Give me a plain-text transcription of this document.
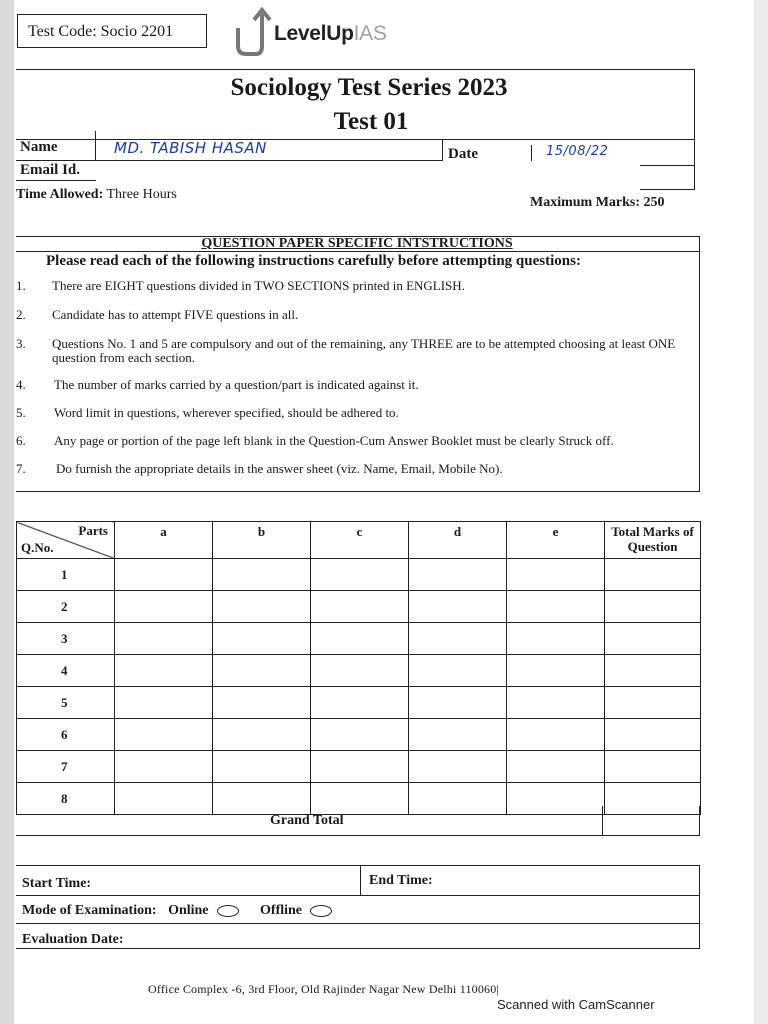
Test Code: Socio 2201	LevelUpIAS
Sociology Test Series 2023
Test 01
Name	MD. TABISH HASAN	Date	15/08/22
Email Id.
Time Allowed: Three Hours
Maximum Marks: 250
QUESTION PAPER SPECIFIC INTSTRUCTIONS
Please read each of the following instructions carefully before attempting questions:
1. There are EIGHT questions divided in TWO SECTIONS printed in ENGLISH.
2. Candidate has to attempt FIVE questions in all.
3. Questions No. 1 and 5 are compulsory and out of the remaining, any THREE are to be attempted choosing at least ONE question from each section.
4. The number of marks carried by a question/part is indicated against it.
5. Word limit in questions, wherever specified, should be adhered to.
6. Any page or portion of the page left blank in the Question-Cum Answer Booklet must be clearly Struck off.
7. Do furnish the appropriate details in the answer sheet (viz. Name, Email, Mobile No).
Parts
Q.No.	a	b	c	d	e	Total Marks of Question
1						
2						
3						
4						
5						
6						
7						
8						
Grand Total
Start Time:	End Time:
Mode of Examination: Online	Offline
Evaluation Date:
Office Complex -6, 3rd Floor, Old Rajinder Nagar New Delhi 110060|
Scanned with CamScanner
